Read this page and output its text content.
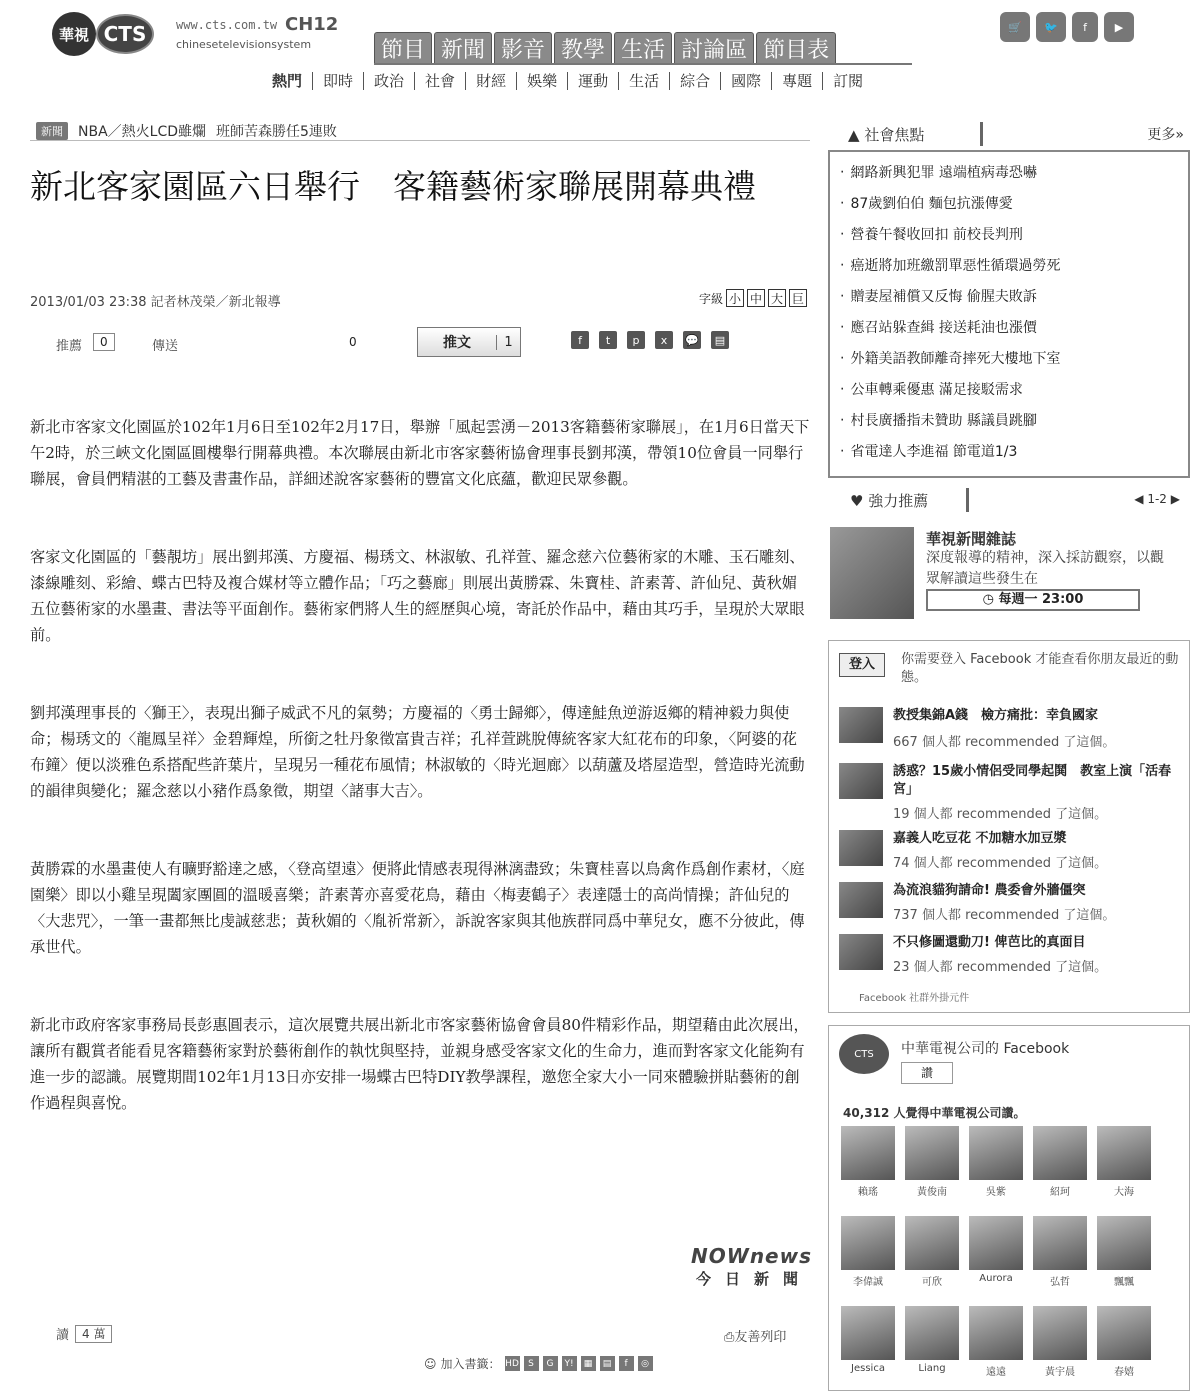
華視 CTS	www.cts.com.tw CH12
chinesetelevisionsystem	節目 新聞 影音 教學 生活 討論區 節目表
熱門	即時	政治	社會	財經	娛樂	運動	生活	綜合	國際	專題	訂閱
🛒	🐦	f	▶
新聞	NBA／熱火LCD雖爛 班師苦森勝任5連敗
新北客家園區六日舉行　客籍藝術家聯展開幕典禮
2013/01/03 23:38 記者林茂榮／新北報導	字級 小 中 大 巨
推薦	0	傳送	0	推文	1	f	t	p	x	💬	▤

新北市客家文化園區於102年1月6日至102年2月17日，舉辦「風起雲湧－2013客籍藝術家聯展」，在1月6日當天下午2時，於三峽文化園區圓樓舉行開幕典禮。本次聯展由新北市客家藝術協會理事長劉邦漢，帶領10位會員一同舉行聯展，會員們精湛的工藝及書畫作品，詳細述說客家藝術的豐富文化底蘊，歡迎民眾參觀。

客家文化園區的「藝靚坊」展出劉邦漢、方慶福、楊琇文、林淑敏、孔祥萱、羅念慈六位藝術家的木雕、玉石雕刻、漆線雕刻、彩繪、蝶古巴特及複合媒材等立體作品；「巧之藝廊」則展出黃勝霖、朱寶桂、許素菁、許仙兒、黃秋媚五位藝術家的水墨畫、書法等平面創作。藝術家們將人生的經歷與心境，寄託於作品中，藉由其巧手，呈現於大眾眼前。

劉邦漢理事長的〈獅王〉，表現出獅子威武不凡的氣勢；方慶福的〈勇士歸鄉〉，傳達鮭魚逆游返鄉的精神毅力與使命；楊琇文的〈龍鳳呈祥〉金碧輝煌，所銜之牡丹象徵富貴吉祥；孔祥萱跳脫傳統客家大紅花布的印象，〈阿婆的花布鐘〉便以淡雅色系搭配些許葉片，呈現另一種花布風情；林淑敏的〈時光迴廊〉以葫蘆及塔屋造型，營造時光流動的韻律與變化；羅念慈以小豬作爲象徵，期望〈諸事大吉〉。

黃勝霖的水墨畫使人有曠野豁達之感，〈登高望遠〉便將此情感表現得淋漓盡致；朱寶桂喜以鳥禽作爲創作素材，〈庭園樂〉即以小雞呈現闔家團圓的溫暖喜樂；許素菁亦喜愛花鳥，藉由〈梅妻鶴子〉表達隱士的高尚情操；許仙兒的〈大悲咒〉，一筆一畫都無比虔誠慈悲；黃秋媚的〈胤祈常新〉，訴說客家與其他族群同爲中華兒女，應不分彼此，傳承世代。

新北市政府客家事務局長彭惠圓表示，這次展覽共展出新北市客家藝術協會會員80件精彩作品，期望藉由此次展出，讓所有觀賞者能看見客籍藝術家對於藝術創作的執忱與堅持，並親身感受客家文化的生命力，進而對客家文化能夠有進一步的認識。展覽期間102年1月13日亦安排一場蝶古巴特DIY教學課程，邀您全家大小一同來體驗拼貼藝術的創作過程與喜悅。

NOWnews
今日新聞
讀	4 萬	⎙友善列印
☺ 加入書籤： HD	S	G	Y!	▦	▤	f	◎
▲ 社會焦點	更多»
‧ 網路新興犯罪 遠端植病毒恐嚇
‧ 87歲劉伯伯 麵包抗漲傳愛
‧ 營養午餐收回扣 前校長判刑
‧ 癌逝將加班繳罰單惡性循環過勞死
‧ 贈妻屋補償又反悔 偷腥夫敗訴
‧ 應召站躲查緝 接送耗油也漲價
‧ 外籍美語教師離奇摔死大樓地下室
‧ 公車轉乘優惠 滿足接駁需求
‧ 村長廣播指未贊助 縣議員跳腳
‧ 省電達人李進福 節電道1/3
♥ 強力推薦	◀ 1-2 ▶
華視新聞雜誌
深度報導的精神，深入採訪觀察，以觀眾解讀這些發生在
◷ 每週一 23:00
登入	你需要登入 Facebook 才能查看你朋友最近的動態。
教授集錦A錢　檢方痛批：幸負國家
667 個人都 recommended 了這個。
誘惑？15歲小情侶受同學起鬨　教室上演「活春宮」
19 個人都 recommended 了這個。
嘉義人吃豆花 不加糖水加豆漿
74 個人都 recommended 了這個。
為流浪貓狗請命! 農委會外牆僵突
737 個人都 recommended 了這個。
不只修圖還動刀! 俾芭比的真面目
23 個人都 recommended 了這個。
Facebook 社群外掛元件
CTS	中華電視公司的 Facebook
讚
40,312 人覺得中華電視公司讚。
賴瑤	黃俊南	吳紫	紹珂	大海
李偉誠	可欣	Aurora	弘哲	飄飄
Jessica	Liang	遠遠	黃宇晨	春嬉
